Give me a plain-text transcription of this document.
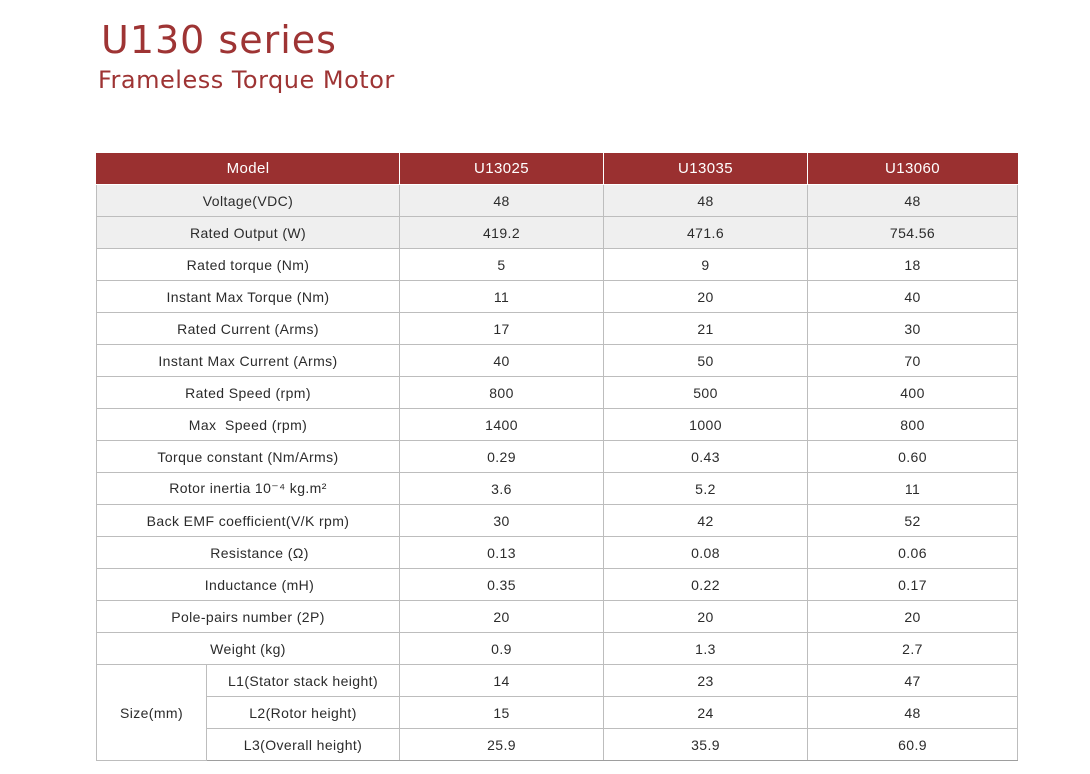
U130 series
Frameless Torque Motor
Model		U13025	U13035	U13060
Voltage(VDC)		48	48	48
Rated Output (W)		419.2	471.6	754.56
Rated torque (Nm)		5	9	18
Instant Max Torque (Nm)		11	20	40
Rated Current (Arms)		17	21	30
Instant Max Current (Arms)		40	50	70
Rated Speed (rpm)		800	500	400
Max  Speed (rpm)		1400	1000	800
Torque constant (Nm/Arms)		0.29	0.43	0.60
Rotor inertia 10⁻⁴ kg.m²		3.6	5.2	11
Back EMF coefficient(V/K rpm)		30	42	52
Resistance (Ω)		0.13	0.08	0.06
Inductance (mH)		0.35	0.22	0.17
Pole-pairs number (2P)		20	20	20
Weight (kg)		0.9	1.3	2.7
Size(mm)	L1(Stator stack height)	14	23	47
	L2(Rotor height)	15	24	48
	L3(Overall height)	25.9	35.9	60.9
